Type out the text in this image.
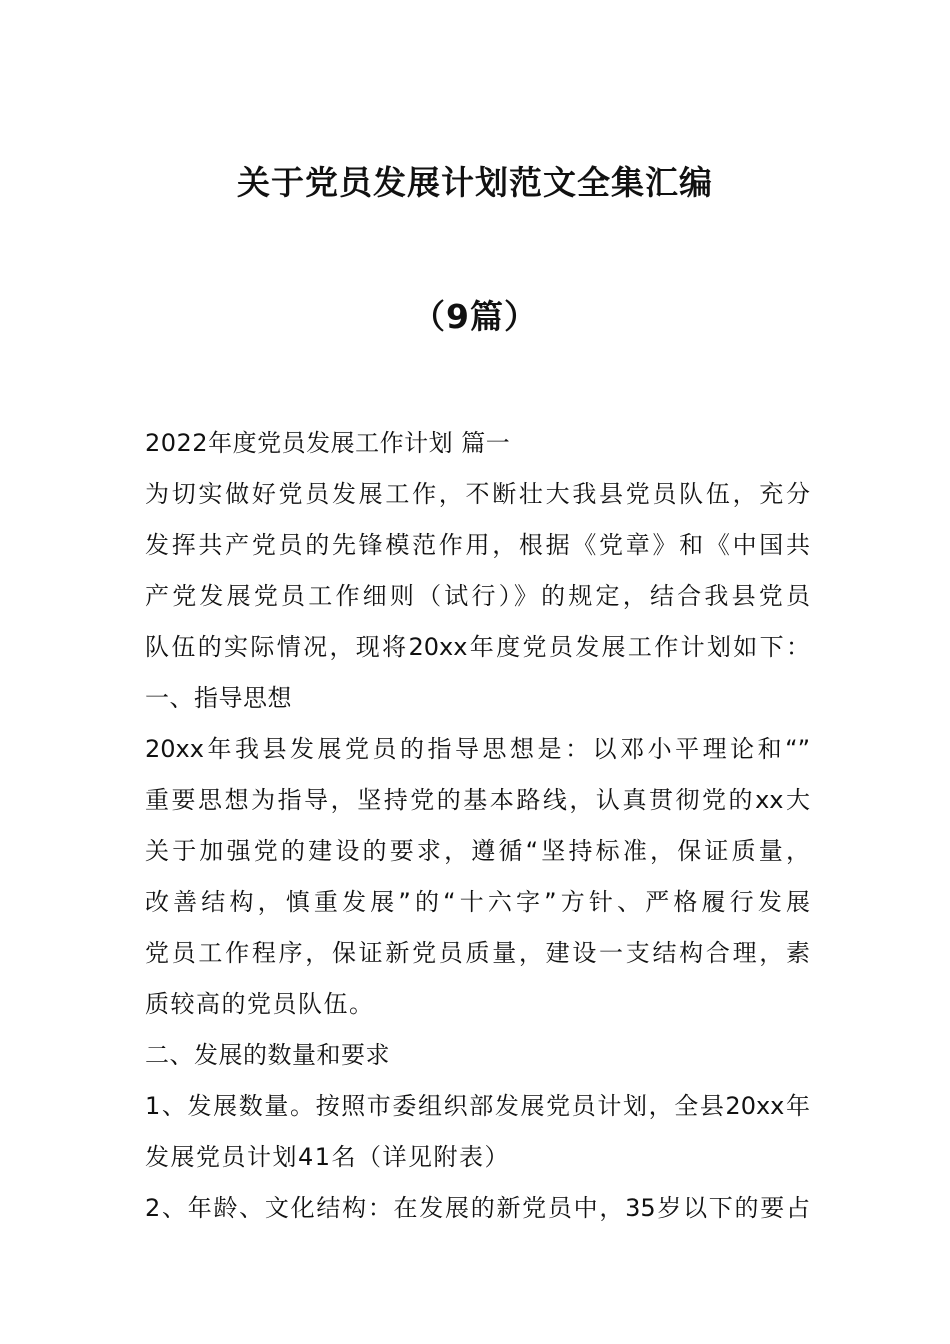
关于党员发展计划范文全集汇编
（9篇）
2022年度党员发展工作计划 篇一
为切实做好党员发展工作，不断壮大我县党员队伍，充分
发挥共产党员的先锋模范作用，根据《党章》和《中国共
产党发展党员工作细则（试行）》的规定，结合我县党员
队伍的实际情况，现将20xx年度党员发展工作计划如下：
一、指导思想
20xx年我县发展党员的指导思想是：以邓小平理论和“”
重要思想为指导，坚持党的基本路线，认真贯彻党的xx大
关于加强党的建设的要求，遵循“坚持标准，保证质量，
改善结构，慎重发展”的“十六字”方针、严格履行发展
党员工作程序，保证新党员质量，建设一支结构合理，素
质较高的党员队伍。
二、发展的数量和要求
1、发展数量。按照市委组织部发展党员计划，全县20xx年
发展党员计划41名（详见附表）
2、年龄、文化结构：在发展的新党员中，35岁以下的要占
